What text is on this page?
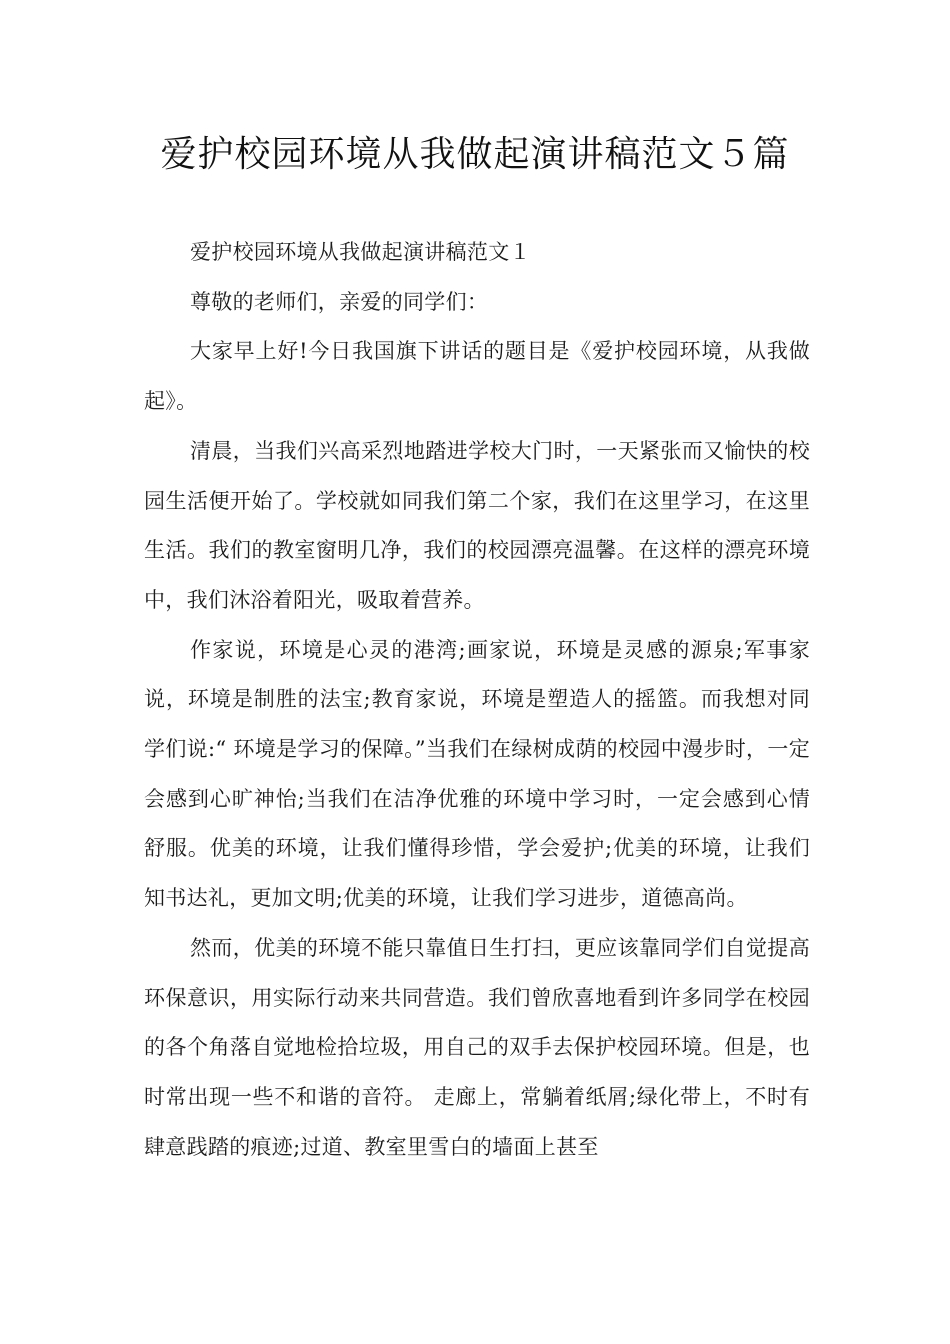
爱护校园环境从我做起演讲稿范文５篇

爱护校园环境从我做起演讲稿范文１

尊敬的老师们，亲爱的同学们：

大家早上好!今日我国旗下讲话的题目是《爱护校园环境，从我做起》。

清晨，当我们兴高采烈地踏进学校大门时，一天紧张而又愉快的校园生活便开始了。学校就如同我们第二个家，我们在这里学习，在这里生活。我们的教室窗明几净，我们的校园漂亮温馨。在这样的漂亮环境中，我们沐浴着阳光，吸取着营养。

作家说，环境是心灵的港湾;画家说，环境是灵感的源泉;军事家说，环境是制胜的法宝;教育家说，环境是塑造人的摇篮。而我想对同学们说:“ 环境是学习的保障。”当我们在绿树成荫的校园中漫步时，一定会感到心旷神怡;当我们在洁净优雅的环境中学习时，一定会感到心情舒服。优美的环境，让我们懂得珍惜，学会爱护;优美的环境，让我们知书达礼，更加文明;优美的环境，让我们学习进步，道德高尚。

然而，优美的环境不能只靠值日生打扫，更应该靠同学们自觉提高环保意识，用实际行动来共同营造。我们曾欣喜地看到许多同学在校园的各个角落自觉地检拾垃圾，用自己的双手去保护校园环境。但是，也时常出现一些不和谐的音符。 走廊上，常躺着纸屑;绿化带上，不时有肆意践踏的痕迹;过道、教室里雪白的墙面上甚至
